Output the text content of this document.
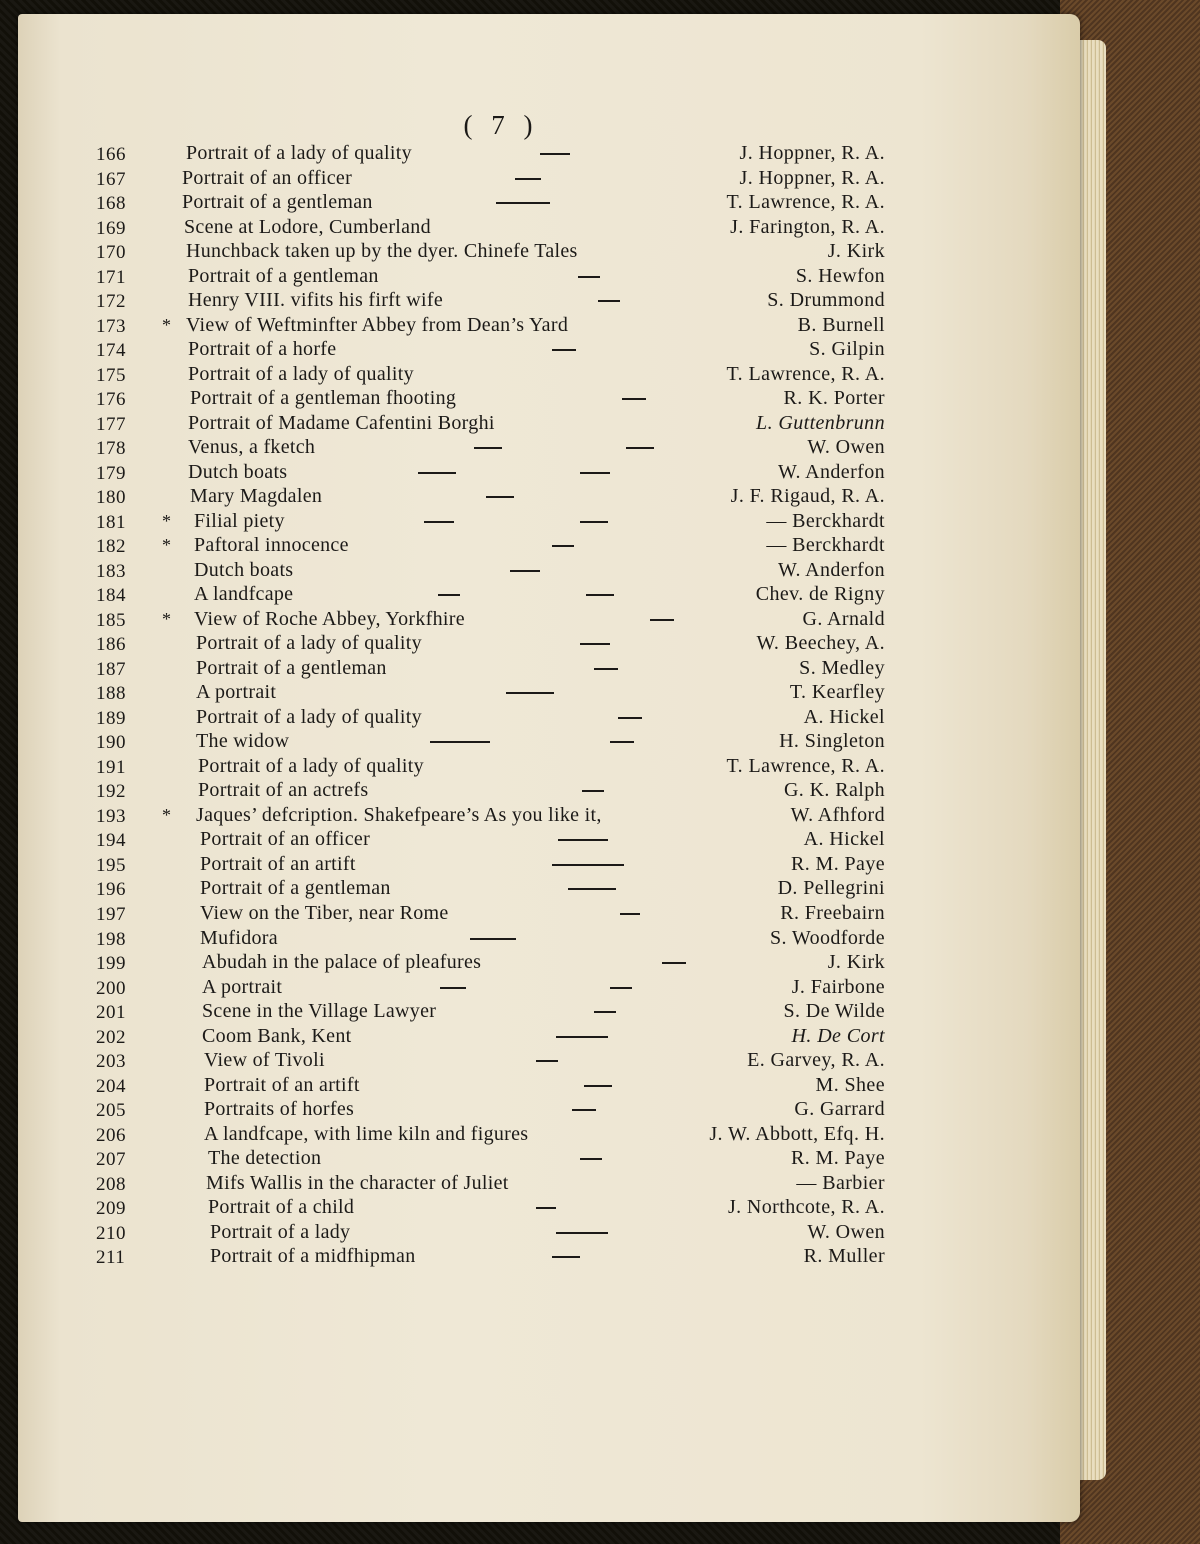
( 7 )
166	Portrait of a lady of quality	J. Hoppner, R. A.
167	Portrait of an officer	J. Hoppner, R. A.
168	Portrait of a gentleman	T. Lawrence, R. A.
169	Scene at Lodore, Cumberland	J. Farington, R. A.
170	Hunchback taken up by the dyer. Chinefe Tales	J. Kirk
171	Portrait of a gentleman	S. Hewfon
172	Henry VIII. vifits his firft wife	S. Drummond
173	* View of Weftminfter Abbey from Dean’s Yard	B. Burnell
174	Portrait of a horfe	S. Gilpin
175	Portrait of a lady of quality	T. Lawrence, R. A.
176	Portrait of a gentleman fhooting	R. K. Porter
177	Portrait of Madame Cafentini Borghi	L. Guttenbrunn
178	Venus, a fketch	W. Owen
179	Dutch boats	W. Anderfon
180	Mary Magdalen	J. F. Rigaud, R. A.
181	* Filial piety	— Berckhardt
182	* Paftoral innocence	— Berckhardt
183	Dutch boats	W. Anderfon
184	A landfcape	Chev. de Rigny
185	* View of Roche Abbey, Yorkfhire	G. Arnald
186	Portrait of a lady of quality	W. Beechey, A.
187	Portrait of a gentleman	S. Medley
188	A portrait	T. Kearfley
189	Portrait of a lady of quality	A. Hickel
190	The widow	H. Singleton
191	Portrait of a lady of quality	T. Lawrence, R. A.
192	Portrait of an actrefs	G. K. Ralph
193	* Jaques’ defcription. Shakefpeare’s As you like it,	W. Afhford
194	Portrait of an officer	A. Hickel
195	Portrait of an artift	R. M. Paye
196	Portrait of a gentleman	D. Pellegrini
197	View on the Tiber, near Rome	R. Freebairn
198	Mufidora	S. Woodforde
199	Abudah in the palace of pleafures	J. Kirk
200	A portrait	J. Fairbone
201	Scene in the Village Lawyer	S. De Wilde
202	Coom Bank, Kent	H. De Cort
203	View of Tivoli	E. Garvey, R. A.
204	Portrait of an artift	M. Shee
205	Portraits of horfes	G. Garrard
206	A landfcape, with lime kiln and figures	J. W. Abbott, Efq. H.
207	The detection	R. M. Paye
208	Mifs Wallis in the character of Juliet	— Barbier
209	Portrait of a child	J. Northcote, R. A.
210	Portrait of a lady	W. Owen
211	Portrait of a midfhipman	R. Muller
